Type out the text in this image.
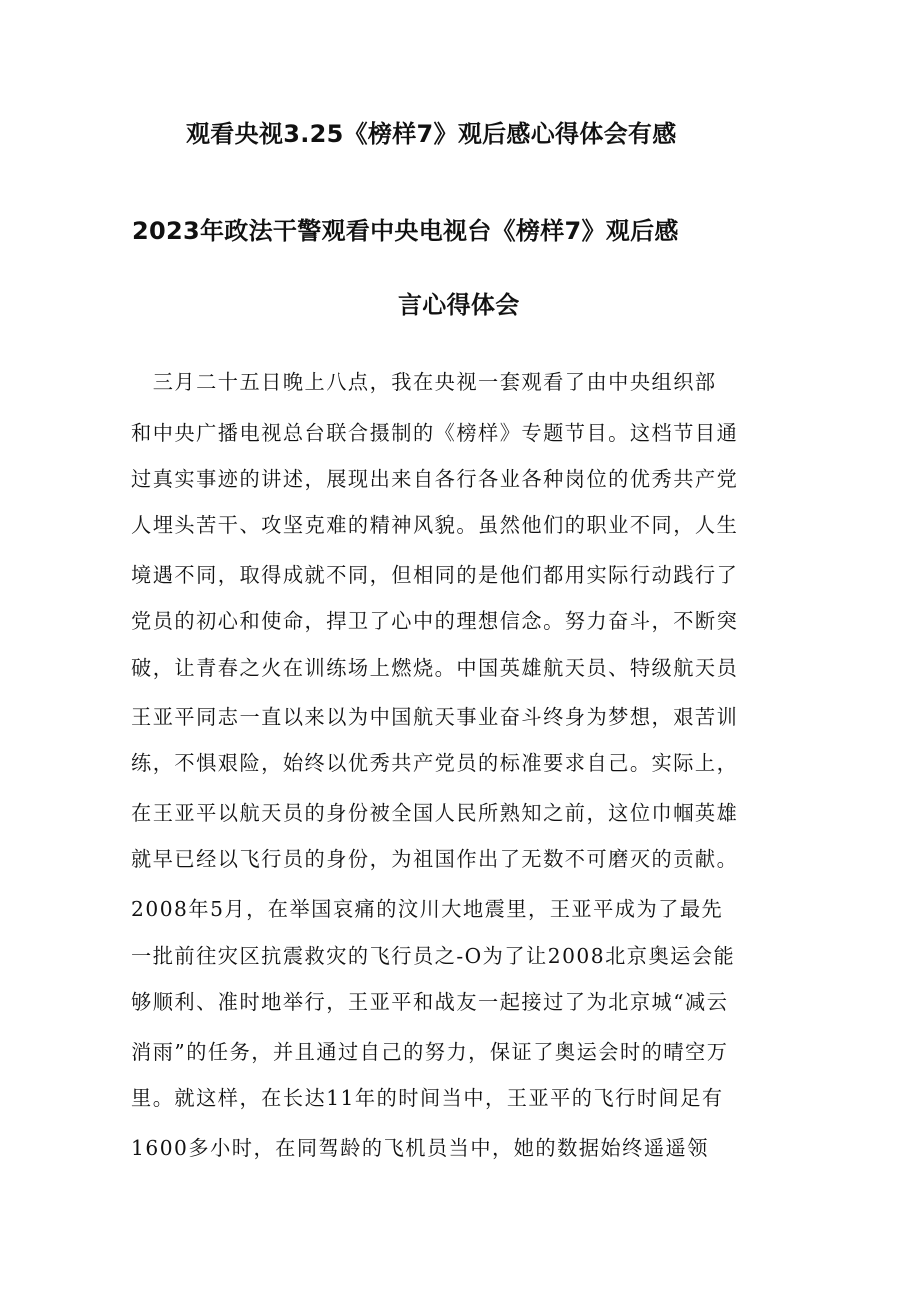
观看央视3.25《榜样7》观后感心得体会有感
2023年政法干警观看中央电视台《榜样7》观后感
言心得体会
　三月二十五日晚上八点，我在央视一套观看了由中央组织部
和中央广播电视总台联合摄制的《榜样》专题节目。这档节目通
过真实事迹的讲述，展现出来自各行各业各种岗位的优秀共产党
人埋头苦干、攻坚克难的精神风貌。虽然他们的职业不同，人生
境遇不同，取得成就不同，但相同的是他们都用实际行动践行了
党员的初心和使命，捍卫了心中的理想信念。努力奋斗，不断突
破，让青春之火在训练场上燃烧。中国英雄航天员、特级航天员
王亚平同志一直以来以为中国航天事业奋斗终身为梦想，艰苦训
练，不惧艰险，始终以优秀共产党员的标准要求自己。实际上，
在王亚平以航天员的身份被全国人民所熟知之前，这位巾帼英雄
就早已经以飞行员的身份，为祖国作出了无数不可磨灭的贡献。
2008年5月，在举国哀痛的汶川大地震里，王亚平成为了最先
一批前往灾区抗震救灾的飞行员之-O为了让2008北京奥运会能
够顺利、准时地举行，王亚平和战友一起接过了为北京城“减云
消雨”的任务，并且通过自己的努力，保证了奥运会时的晴空万
里。就这样，在长达11年的时间当中，王亚平的飞行时间足有
1600多小时，在同驾龄的飞机员当中，她的数据始终遥遥领
